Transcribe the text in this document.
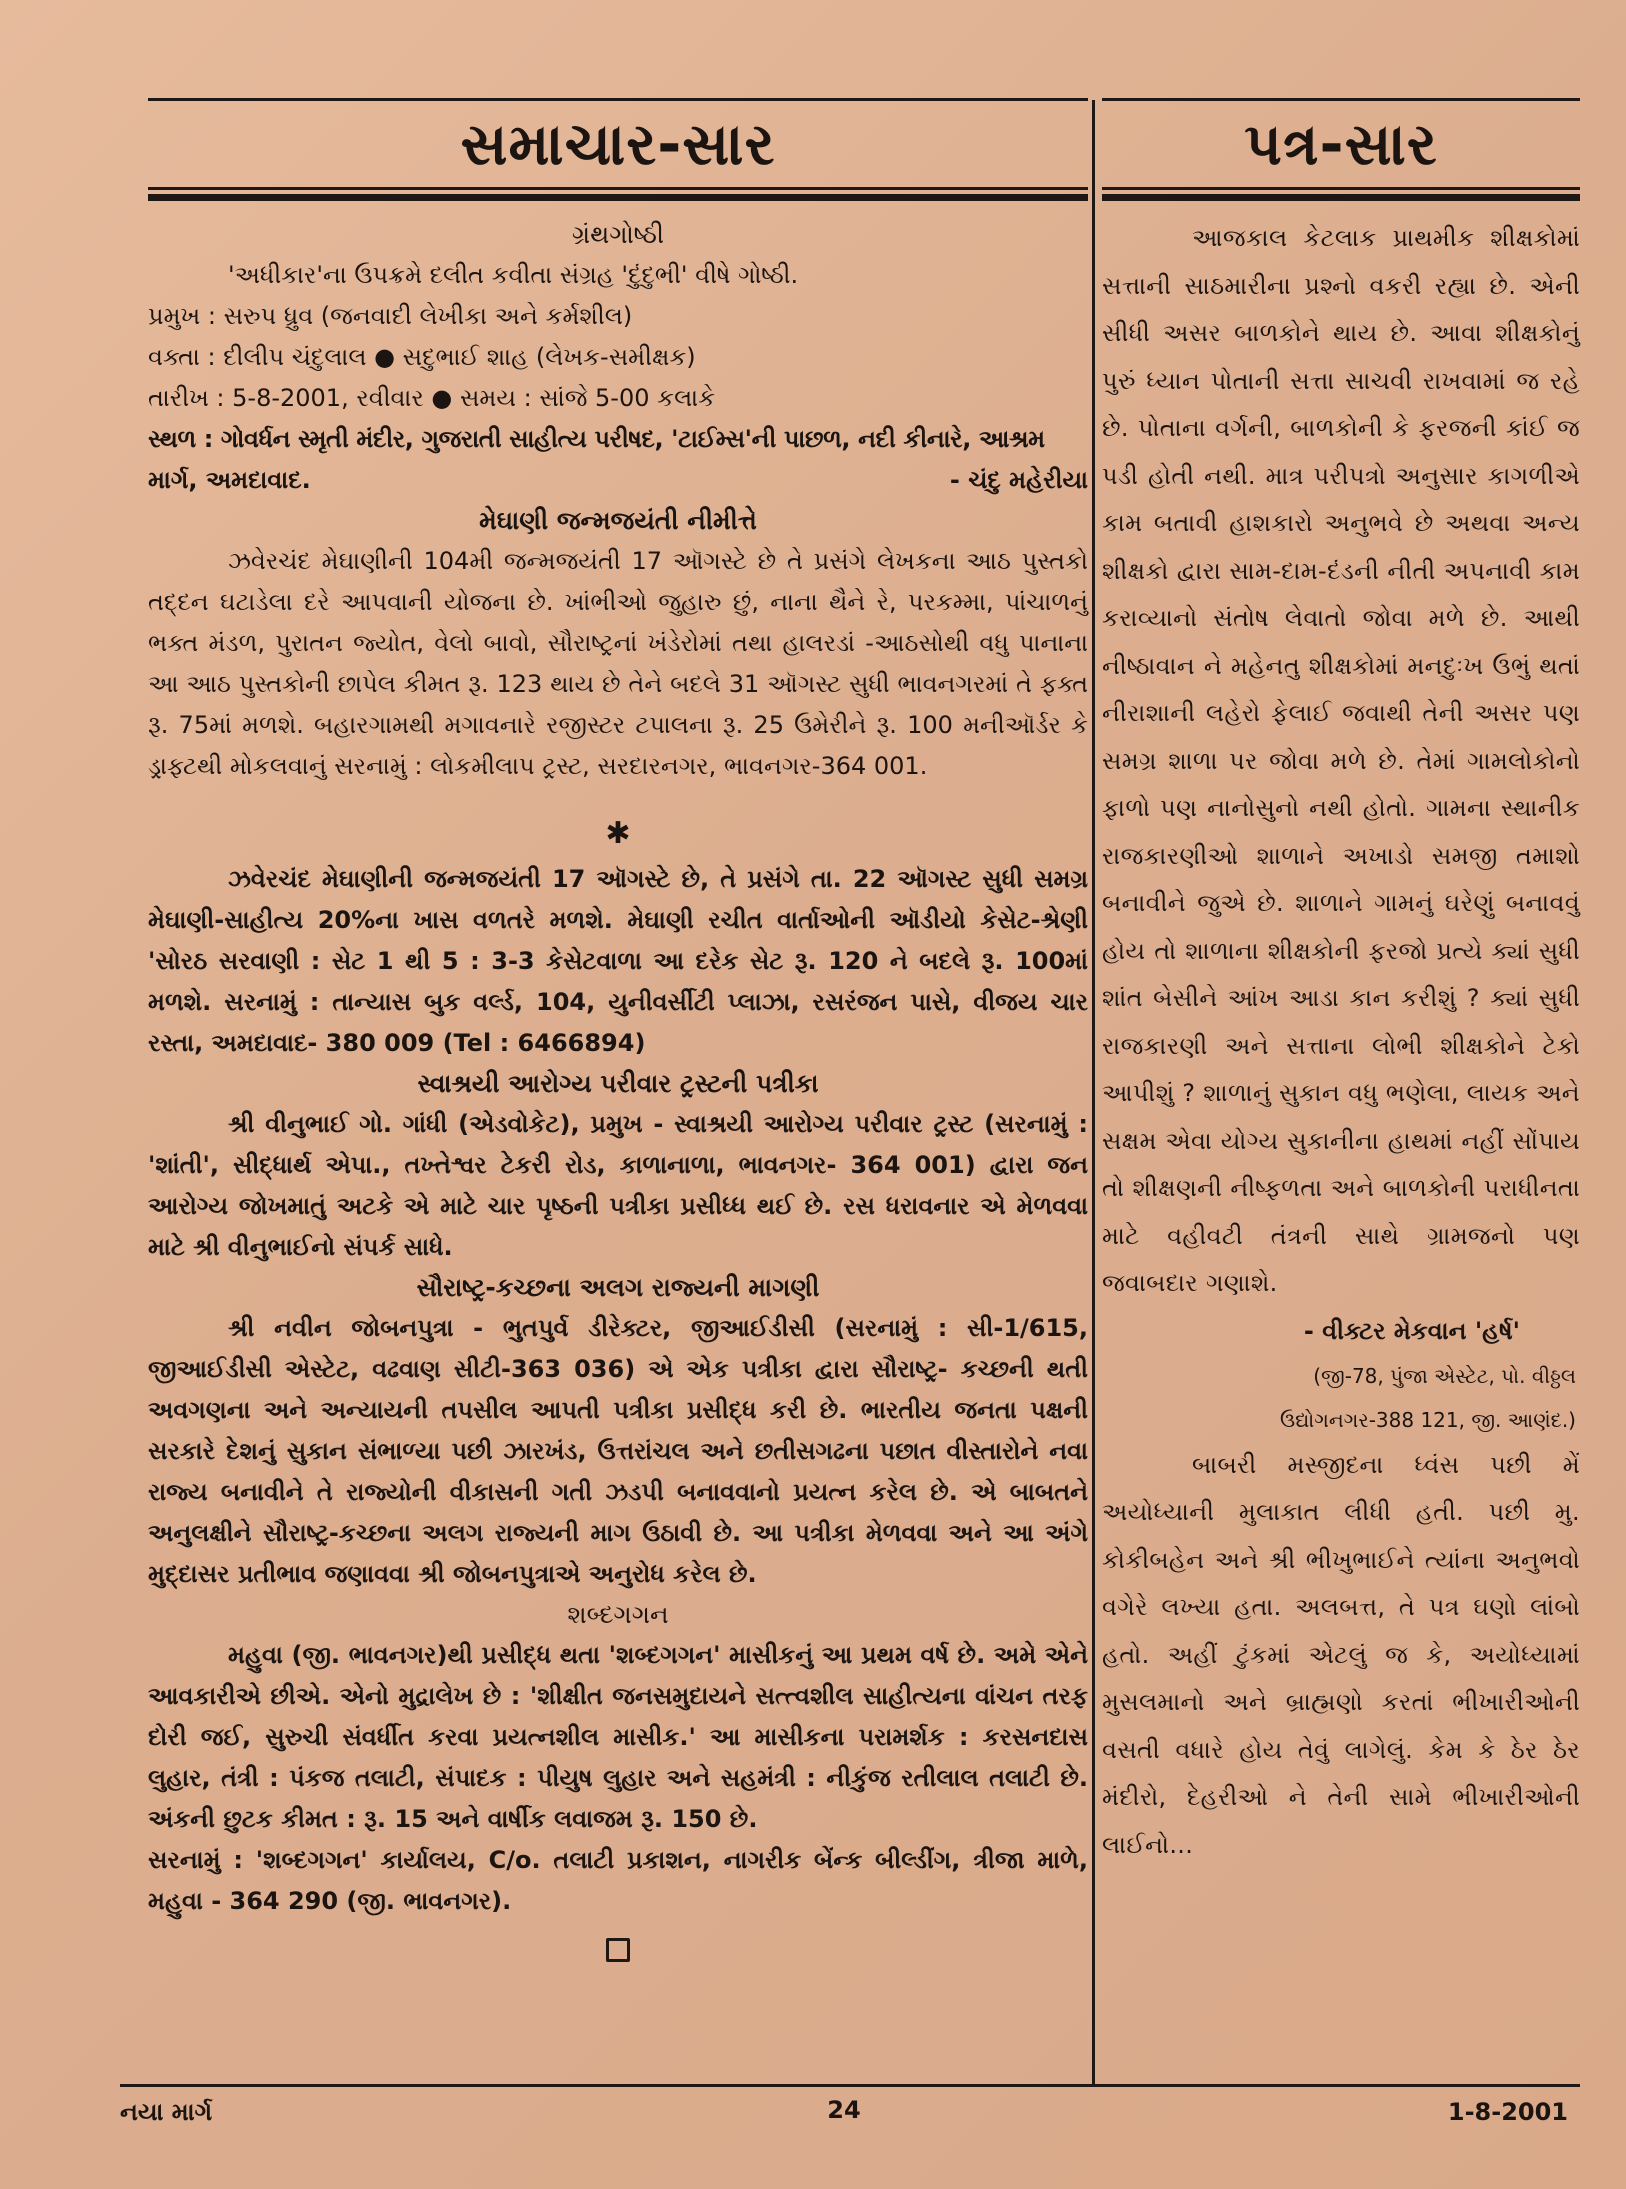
સમાચાર-સાર

ગ્રંથગોષ્ઠી

'અધીકાર'ના ઉપક્રમે દલીત કવીતા સંગ્રહ 'દુંદુભી' વીષે ગોષ્ઠી.

પ્રમુખ : સરુપ ધ્રુવ (જનવાદી લેખીકા અને કર્મશીલ)

વક્તા : દીલીપ ચંદુલાલ ● સદુભાઈ શાહ (લેખક-સમીક્ષક)

તારીખ : 5-8-2001, રવીવાર ● સમય : સાંજે 5-00 કલાકે

સ્થળ : ગોવર્ધન સ્મૃતી મંદીર, ગુજરાતી સાહીત્ય પરીષદ, 'ટાઈમ્સ'ની પાછળ, નદી કીનારે, આશ્રમ

માર્ગ, અમદાવાદ.	- ચંદુ મહેરીયા

મેઘાણી જન્મજયંતી નીમીત્તે

ઝવેરચંદ મેઘાણીની 104મી જન્મજયંતી 17 ઑગસ્ટે છે તે પ્રસંગે લેખકના આઠ પુસ્તકો તદ્દન ઘટાડેલા દરે આપવાની યોજના છે. ખાંભીઓ જુહારુ છું, નાના થૈને રે, પરકમ્મા, પાંચાળનું ભક્ત મંડળ, પુરાતન જ્યોત, વેલો બાવો, સૌરાષ્ટ્રનાં ખંડેરોમાં તથા હાલરડાં -આઠસોથી વધુ પાનાના આ આઠ પુસ્તકોની છાપેલ કીમત રૂ. 123 થાય છે તેને બદલે 31 ઑગસ્ટ સુધી ભાવનગરમાં તે ફક્ત રૂ. 75માં મળશે. બહારગામથી મગાવનારે રજીસ્ટર ટપાલના રૂ. 25 ઉમેરીને રૂ. 100 મનીઑર્ડર કે ડ્રાફ્ટથી મોકલવાનું સરનામું : લોકમીલાપ ટ્રસ્ટ, સરદારનગર, ભાવનગર-364 001.

✱

ઝવેરચંદ મેઘાણીની જન્મજયંતી 17 ઑગસ્ટે છે, તે પ્રસંગે તા. 22 ઑગસ્ટ સુધી સમગ્ર મેઘાણી-સાહીત્ય 20%ના ખાસ વળતરે મળશે. મેઘાણી રચીત વાર્તાઓની ઑડીયો કેસેટ-શ્રેણી 'સોરઠ સરવાણી : સેટ 1 થી 5 : 3-3 કેસેટવાળા આ દરેક સેટ રૂ. 120 ને બદલે રૂ. 100માં મળશે. સરનામું : તાન્યાસ બુક વર્લ્ડ, 104, યુનીવર્સીટી પ્લાઝા, રસરંજન પાસે, વીજય ચાર રસ્તા, અમદાવાદ- 380 009 (Tel : 6466894)

સ્વાશ્રયી આરોગ્ય પરીવાર ટ્રસ્ટની પત્રીકા

શ્રી વીનુભાઈ ગો. ગાંધી (એડવોકેટ), પ્રમુખ - સ્વાશ્રયી આરોગ્ય પરીવાર ટ્રસ્ટ (સરનામું : 'શાંતી', સીદ્ધાર્થ એપા., તખ્તેશ્વર ટેકરી રોડ, કાળાનાળા, ભાવનગર- 364 001) દ્વારા જન આરોગ્ય જોખમાતું અટકે એ માટે ચાર પૃષ્ઠની પત્રીકા પ્રસીધ્ધ થઈ છે. રસ ધરાવનાર એ મેળવવા માટે શ્રી વીનુભાઈનો સંપર્ક સાધે.

સૌરાષ્ટ્ર-કચ્છના અલગ રાજ્યની માગણી

શ્રી નવીન જોબનપુત્રા - ભુતપુર્વ ડીરેક્ટર, જીઆઈડીસી (સરનામું : સી-1/615, જીઆઈડીસી એસ્ટેટ, વઢવાણ સીટી-363 036) એ એક પત્રીકા દ્વારા સૌરાષ્ટ્ર- કચ્છની થતી અવગણના અને અન્યાયની તપસીલ આપતી પત્રીકા પ્રસીદ્ધ કરી છે. ભારતીય જનતા પક્ષની સરકારે દેશનું સુકાન સંભાળ્યા પછી ઝારખંડ, ઉત્તરાંચલ અને છતીસગઢના પછાત વીસ્તારોને નવા રાજ્ય બનાવીને તે રાજ્યોની વીકાસની ગતી ઝડપી બનાવવાનો પ્રયત્ન કરેલ છે. એ બાબતને અનુલક્ષીને સૌરાષ્ટ્ર-કચ્છના અલગ રાજ્યની માગ ઉઠાવી છે. આ પત્રીકા મેળવવા અને આ અંગે મુદ્દાસર પ્રતીભાવ જણાવવા શ્રી જોબનપુત્રાએ અનુરોધ કરેલ છે.

શબ્દગગન

મહુવા (જી. ભાવનગર)થી પ્રસીદ્ધ થતા 'શબ્દગગન' માસીકનું આ પ્રથમ વર્ષ છે. અમે એને આવકારીએ છીએ. એનો મુદ્રાલેખ છે : 'શીક્ષીત જનસમુદાયને સત્ત્વશીલ સાહીત્યના વાંચન તરફ દોરી જઈ, સુરુચી સંવર્ધીત કરવા પ્રયત્નશીલ માસીક.' આ માસીકના પરામર્શક : કરસનદાસ લુહાર, તંત્રી : પંકજ તલાટી, સંપાદક : પીયુષ લુહાર અને સહમંત્રી : નીકુંજ રતીલાલ તલાટી છે. અંકની છુટક કીમત : રૂ. 15 અને વાર્ષીક લવાજમ રૂ. 150 છે.

સરનામું : 'શબ્દગગન' કાર્યાલય, C/o. તલાટી પ્રકાશન, નાગરીક બેંન્ક બીલ્ડીંગ, ત્રીજા માળે, મહુવા - 364 290 (જી. ભાવનગર).

પત્ર-સાર

આજકાલ કેટલાક પ્રાથમીક શીક્ષકોમાં સત્તાની સાઠમારીના પ્રશ્નો વકરી રહ્યા છે. એની સીધી અસર બાળકોને થાય છે. આવા શીક્ષકોનું પુરું ધ્યાન પોતાની સત્તા સાચવી રાખવામાં જ રહે છે. પોતાના વર્ગની, બાળકોની કે ફરજની કાંઈ જ પડી હોતી નથી. માત્ર પરીપત્રો અનુસાર કાગળીએ કામ બતાવી હાશકારો અનુભવે છે અથવા અન્ય શીક્ષકો દ્વારા સામ-દામ-દંડની નીતી અપનાવી કામ કરાવ્યાનો સંતોષ લેવાતો જોવા મળે છે. આથી નીષ્ઠાવાન ને મહેનતુ શીક્ષકોમાં મનદુઃખ ઉભું થતાં નીરાશાની લહેરો ફેલાઈ જવાથી તેની અસર પણ સમગ્ર શાળા પર જોવા મળે છે. તેમાં ગામલોકોનો ફાળો પણ નાનોસુનો નથી હોતો. ગામના સ્થાનીક રાજકારણીઓ શાળાને અખાડો સમજી તમાશો બનાવીને જુએ છે. શાળાને ગામનું ઘરેણું બનાવવું હોય તો શાળાના શીક્ષકોની ફરજો પ્રત્યે ક્યાં સુધી શાંત બેસીને આંખ આડા કાન કરીશું ? ક્યાં સુધી રાજકારણી અને સત્તાના લોભી શીક્ષકોને ટેકો આપીશું ? શાળાનું સુકાન વધુ ભણેલા, લાયક અને સક્ષમ એવા યોગ્ય સુકાનીના હાથમાં નહીં સોંપાય તો શીક્ષણની નીષ્ફળતા અને બાળકોની પરાધીનતા માટે વહીવટી તંત્રની સાથે ગ્રામજનો પણ જવાબદાર ગણાશે.

- વીક્ટર મેકવાન 'હર્ષ'

(જી-78, પુંજા એસ્ટેટ, પો. વીઠ્ઠલ

ઉદ્યોગનગર-388 121, જી. આણંદ.)

બાબરી મસ્જીદના ધ્વંસ પછી મેં અયોધ્યાની મુલાકાત લીધી હતી. પછી મુ. કોકીબહેન અને શ્રી ભીખુભાઈને ત્યાંના અનુભવો વગેરે લખ્યા હતા. અલબત્ત, તે પત્ર ઘણો લાંબો હતો. અહીં ટુંકમાં એટલું જ કે, અયોધ્યામાં મુસલમાનો અને બ્રાહ્મણો કરતાં ભીખારીઓની વસતી વધારે હોય તેવું લાગેલું. કેમ કે ઠેર ઠેર મંદીરો, દેહરીઓ ને તેની સામે ભીખારીઓની લાઈનો...

નયા માર્ગ	24	1-8-2001
